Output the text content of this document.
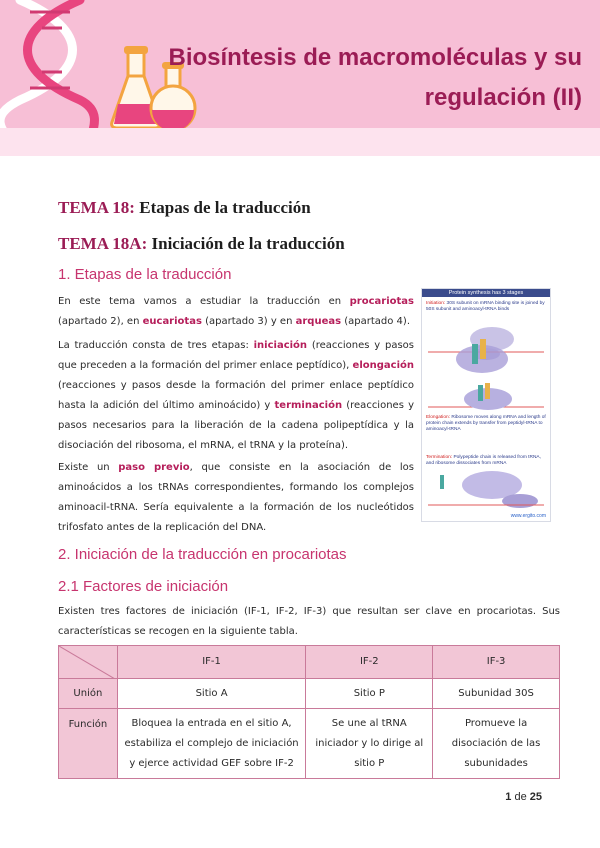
Biosíntesis de macromoléculas y su
regulación (II)
TEMA 18: Etapas de la traducción
TEMA 18A: Iniciación de la traducción
1. Etapas de la traducción

En este tema vamos a estudiar la traducción en procariotas (apartado 2), en eucariotas (apartado 3) y en arqueas (apartado 4).

La traducción consta de tres etapas: iniciación (reacciones y pasos que preceden a la formación del primer enlace peptídico), elongación (reacciones y pasos desde la formación del primer enlace peptídico hasta la adición del último aminoácido) y terminación (reacciones y pasos necesarios para la liberación de la cadena polipeptídica y la disociación del ribosoma, el mRNA, el tRNA y la proteína).

Existe un paso previo, que consiste en la asociación de los aminoácidos a los tRNAs correspondientes, formando los complejos aminoacil-tRNA. Sería equivalente a la formación de los nucleótidos trifosfato antes de la replicación del DNA.

Protein synthesis has 3 stages
Initiation: 30S subunit on mRNA binding site is joined by 50S subunit and aminoacyl-tRNA binds
Elongation: Ribosome moves along mRNA and length of protein chain extends by transfer from peptidyl-tRNA to aminoacyl-tRNA
Termination: Polypeptide chain is released from tRNA, and ribosome dissociates from mRNA
www.ergito.com
2. Iniciación de la traducción en procariotas
2.1 Factores de iniciación

Existen tres factores de iniciación (IF-1, IF-2, IF-3) que resultan ser clave en procariotas. Sus características se recogen en la siguiente tabla.

	IF-1	IF-2	IF-3
Unión	Sitio A	Sitio P	Subunidad 30S
Función	Bloquea la entrada en el sitio A, estabiliza el complejo de iniciación y ejerce actividad GEF sobre IF-2	Se une al tRNA iniciador y lo dirige al sitio P	Promueve la disociación de las subunidades
1 de 25
